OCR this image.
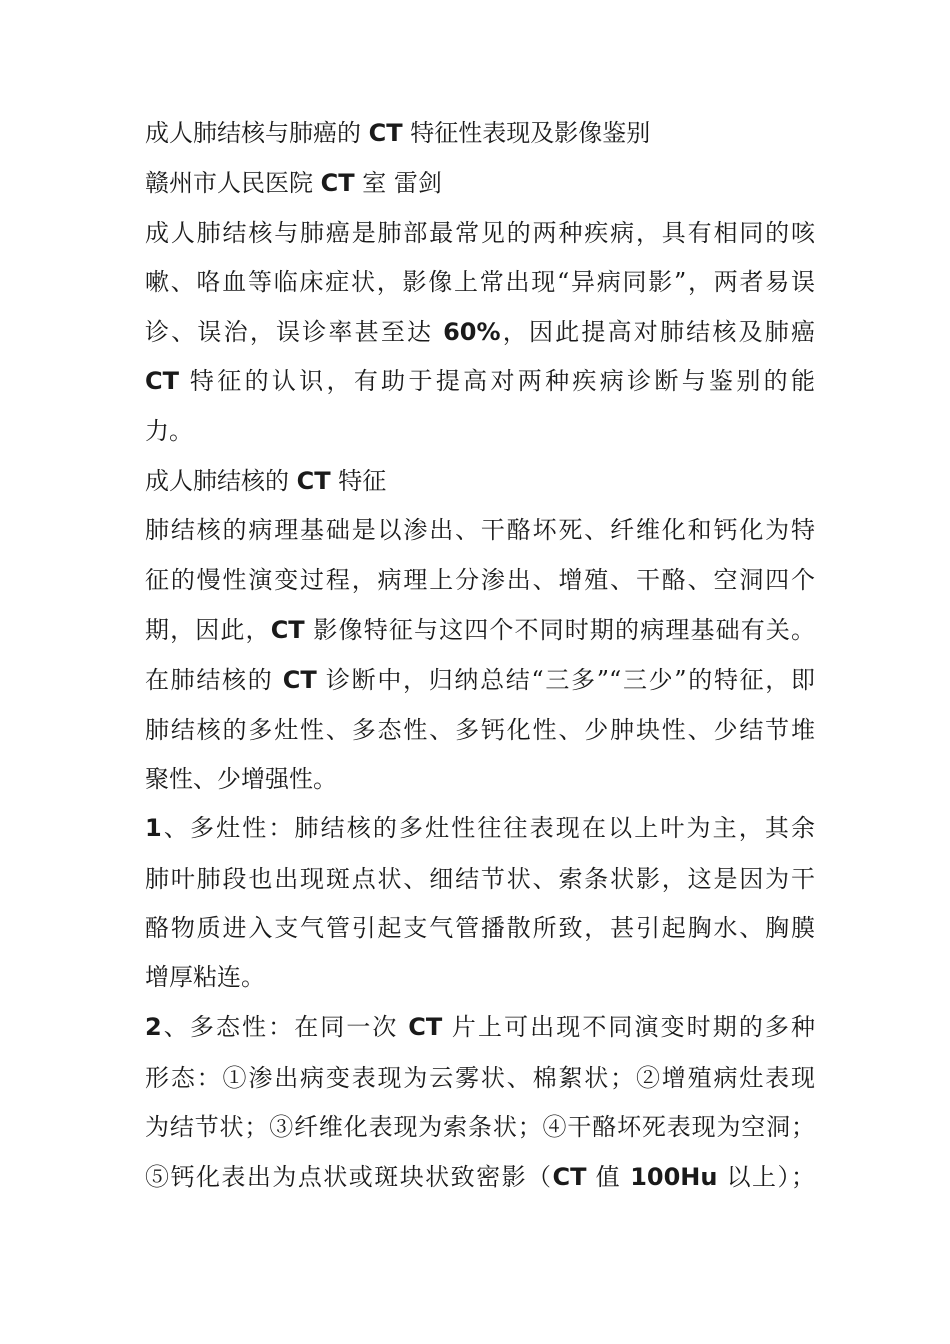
成人肺结核与肺癌的 CT 特征性表现及影像鉴别
赣州市人民医院 CT 室 雷剑
成人肺结核与肺癌是肺部最常见的两种疾病，具有相同的咳
嗽、咯血等临床症状，影像上常出现“异病同影”，两者易误
诊、误治，误诊率甚至达 60%，因此提高对肺结核及肺癌
CT 特征的认识，有助于提高对两种疾病诊断与鉴别的能
力。
成人肺结核的 CT 特征
肺结核的病理基础是以渗出、干酪坏死、纤维化和钙化为特
征的慢性演变过程，病理上分渗出、增殖、干酪、空洞四个
期，因此，CT 影像特征与这四个不同时期的病理基础有关。
在肺结核的 CT 诊断中，归纳总结“三多”“三少”的特征，即
肺结核的多灶性、多态性、多钙化性、少肿块性、少结节堆
聚性、少增强性。
1、多灶性：肺结核的多灶性往往表现在以上叶为主，其余
肺叶肺段也出现斑点状、细结节状、索条状影，这是因为干
酪物质进入支气管引起支气管播散所致，甚引起胸水、胸膜
增厚粘连。
2、多态性：在同一次 CT 片上可出现不同演变时期的多种
形态：①渗出病变表现为云雾状、棉絮状；②增殖病灶表现
为结节状；③纤维化表现为索条状；④干酪坏死表现为空洞；
⑤钙化表出为点状或斑块状致密影（CT 值 100Hu 以上）；
